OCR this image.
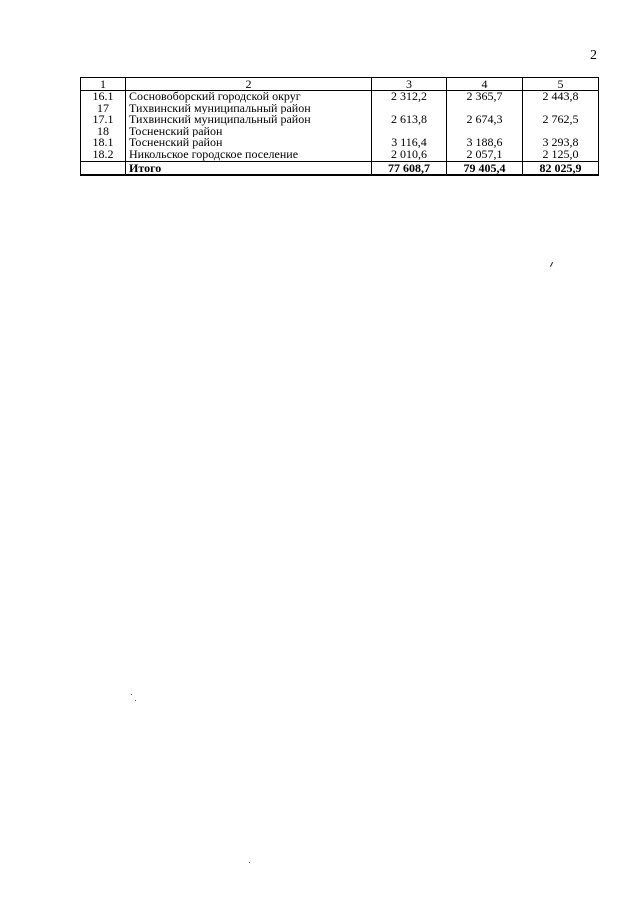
2
1	2	3	4	5
16.1	Сосновоборский городской округ	2 312,2	2 365,7	2 443,8
17	Тихвинский муниципальный район			
17.1	Тихвинский муниципальный район	2 613,8	2 674,3	2 762,5
18	Тосненский район			
18.1	Тосненский район	3 116,4	3 188,6	3 293,8
18.2	Никольское городское поселение	2 010,6	2 057,1	2 125,0
	Итого	77 608,7	79 405,4	82 025,9
